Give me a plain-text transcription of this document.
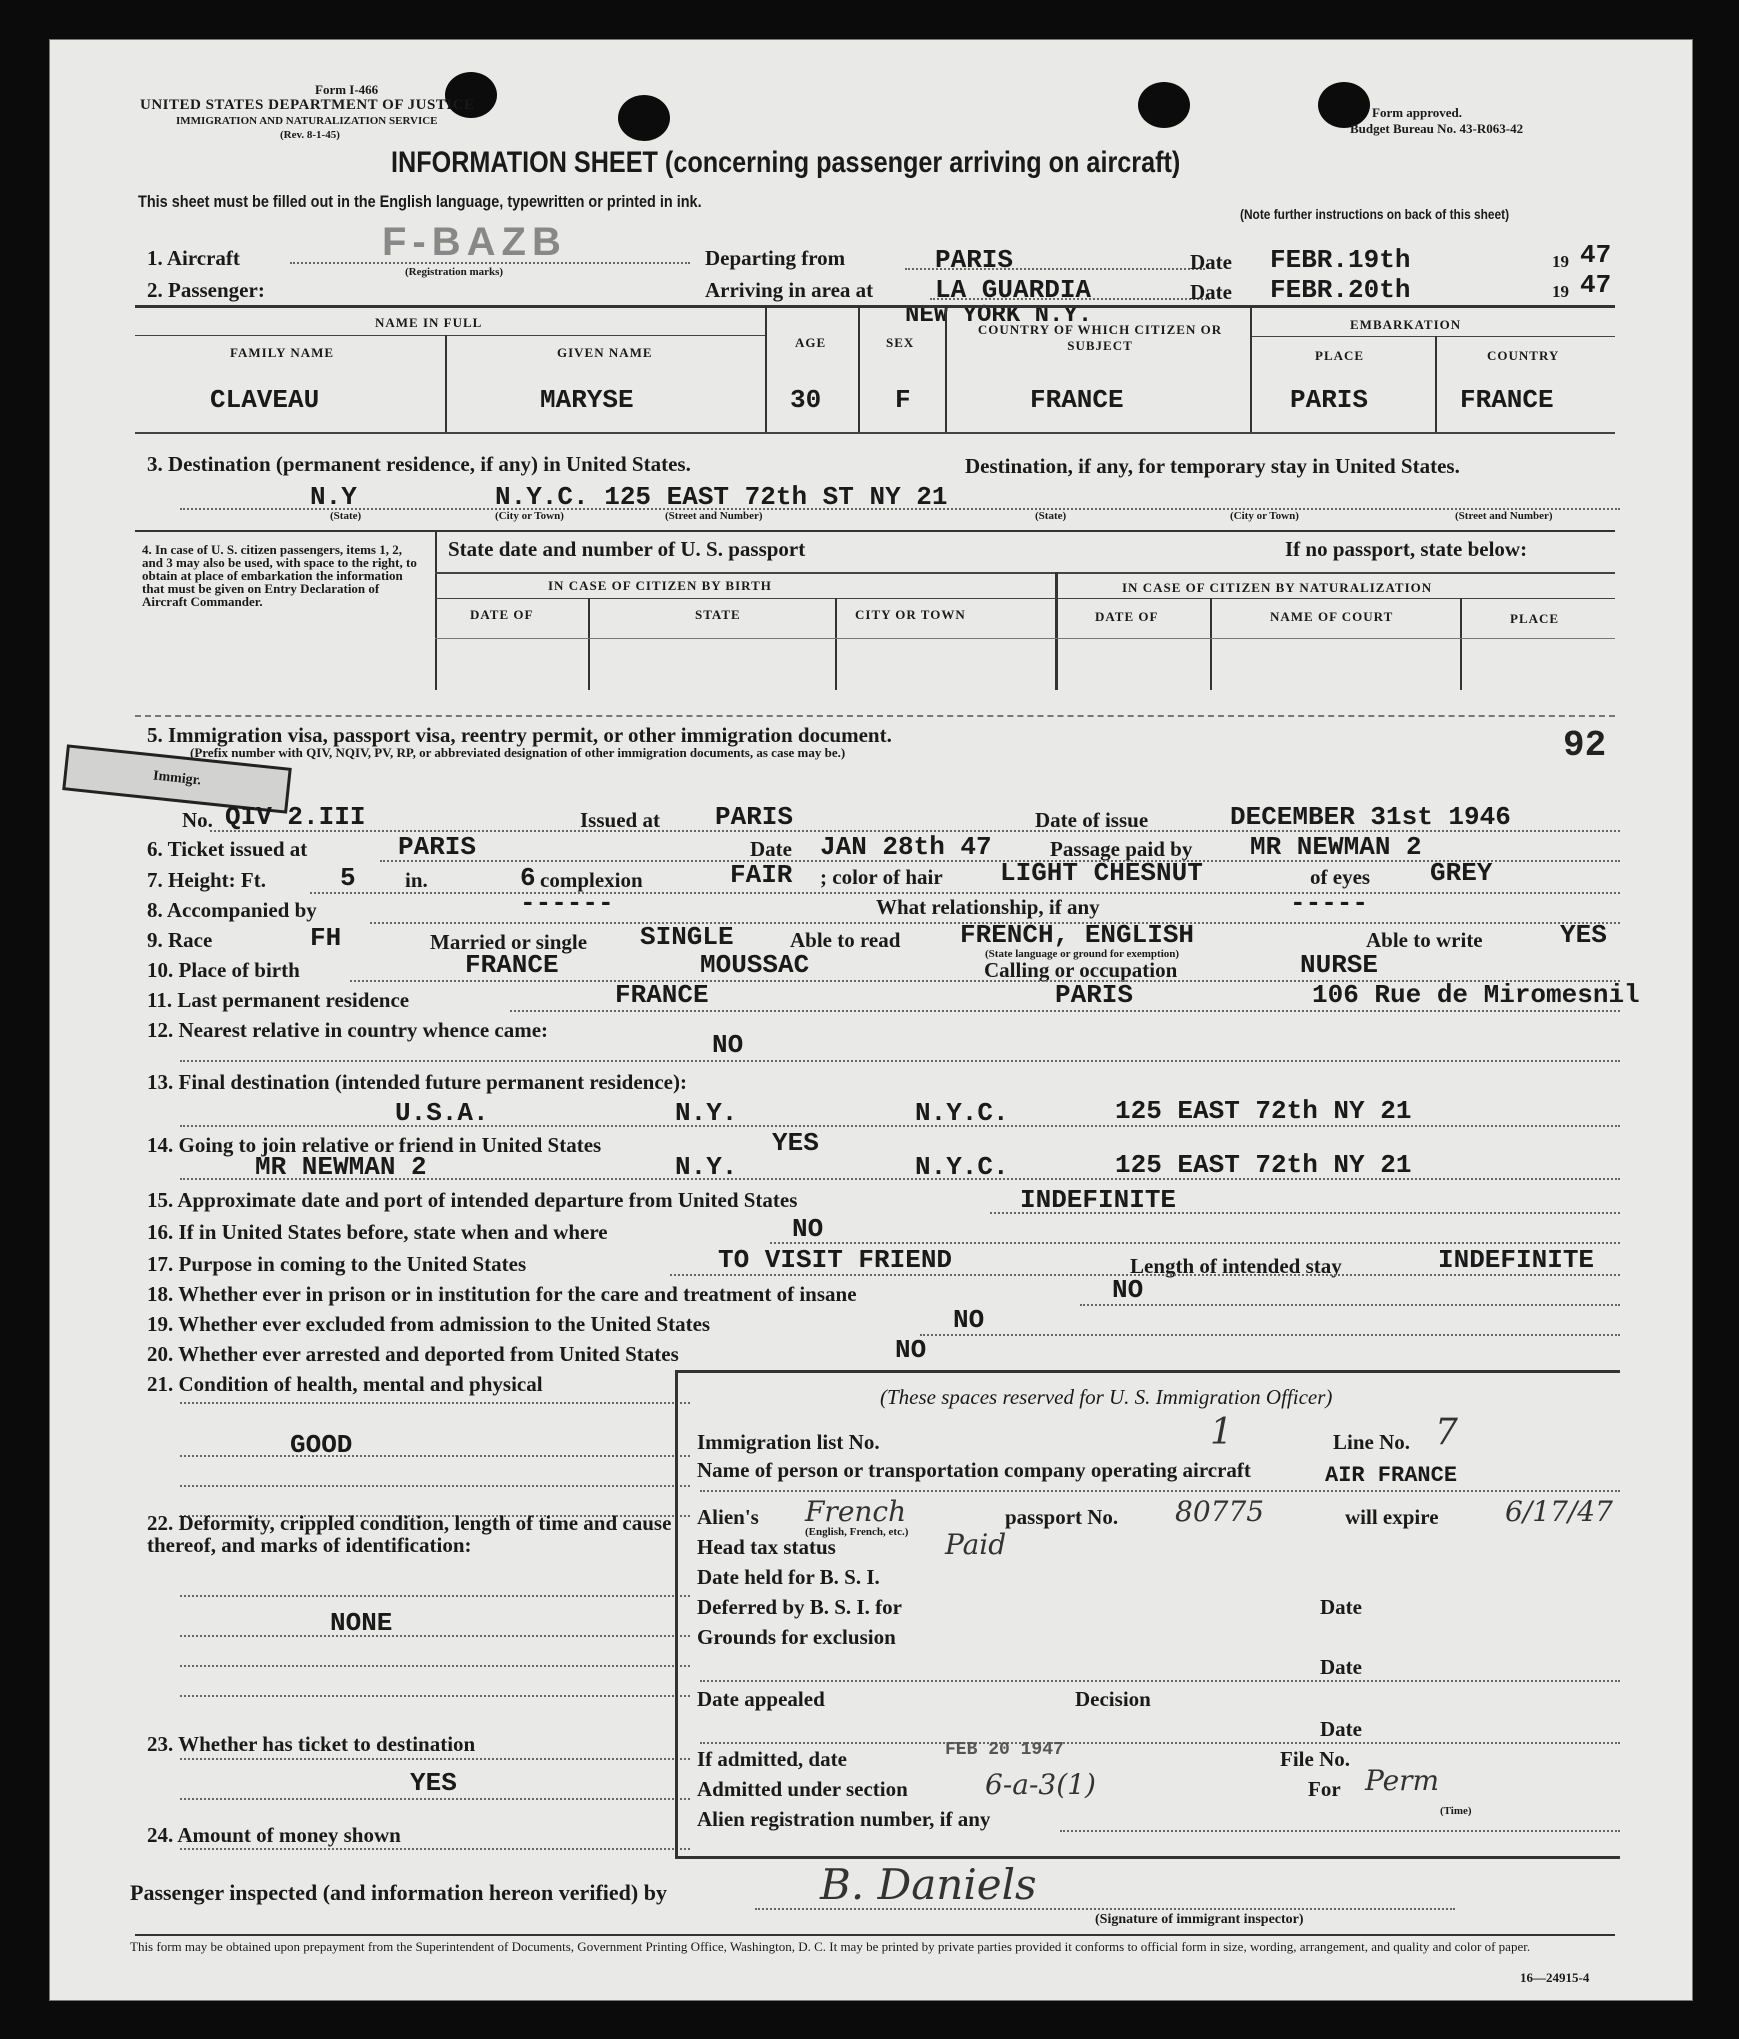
Form I-466
UNITED STATES DEPARTMENT OF JUSTICE
IMMIGRATION AND NATURALIZATION SERVICE
(Rev. 8-1-45)
Form approved.
Budget Bureau No. 43-R063-42
INFORMATION SHEET (concerning passenger arriving on aircraft)
This sheet must be filled out in the English language, typewritten or printed in ink.
(Note further instructions on back of this sheet)
1. Aircraft	F-BAZB
(Registration marks)
2. Passenger:
Departing from	PARIS
Arriving in area at LA GUARDIA
NEW YORK N.Y.
Date FEBR.19th	19 47
Date FEBR.20th	19 47
NAME IN FULL	EMBARKATION
FAMILY NAME	GIVEN NAME
AGE	SEX
COUNTRY OF WHICH CITIZEN OR SUBJECT
PLACE	COUNTRY
CLAVEAU	MARYSE	30	F	FRANCE	PARIS	FRANCE
3. Destination (permanent residence, if any) in United States.	Destination, if any, for temporary stay in United States.
N.Y	N.Y.C. 125 EAST 72th ST NY 21
(State)	(City or Town)	(Street and Number)	(State)	(City or Town)	(Street and Number)
4. In case of U. S. citizen passengers, items 1, 2, and 3 may also be used, with space to the right, to obtain at place of embarkation the information that must be given on Entry Declaration of Aircraft Commander.
State date and number of U. S. passport	If no passport, state below:
IN CASE OF CITIZEN BY BIRTH	IN CASE OF CITIZEN BY NATURALIZATION
DATE OF	STATE	CITY OR TOWN	DATE OF	NAME OF COURT	PLACE
5. Immigration visa, passport visa, reentry permit, or other immigration document.
(Prefix number with QIV, NQIV, PV, RP, or abbreviated designation of other immigration documents, as case may be.)	92
Immigr.
No. QIV 2.III	Issued at PARIS	Date of issue	DECEMBER 31st 1946
6. Ticket issued at	PARIS	Date JAN 28th 47	Passage paid by MR NEWMAN 2
7. Height: Ft.	5 in.	6 complexion	FAIR ; color of hair LIGHT CHESNUT	of eyes GREY
8. Accompanied by	------	What relationship, if any	-----
9. Race	FH	Married or single SINGLE	Able to read FRENCH, ENGLISH
(State language or ground for exemption)
Able to write	YES
10. Place of birth	FRANCE	MOUSSAC	Calling or occupation	NURSE
11. Last permanent residence	FRANCE	PARIS	106 Rue de Miromesnil
12. Nearest relative in country whence came:	NO
13. Final destination (intended future permanent residence):
U.S.A.	N.Y.	N.Y.C.	125 EAST 72th NY 21
14. Going to join relative or friend in United States	YES
MR NEWMAN 2	N.Y.	N.Y.C.	125 EAST 72th NY 21
15. Approximate date and port of intended departure from United States	INDEFINITE
16. If in United States before, state when and where	NO
17. Purpose in coming to the United States	TO VISIT FRIEND	Length of intended stay	INDEFINITE
18. Whether ever in prison or in institution for the care and treatment of insane	NO
19. Whether ever excluded from admission to the United States	NO
20. Whether ever arrested and deported from United States	NO
21. Condition of health, mental and physical
GOOD
22. Deformity, crippled condition, length of time and cause thereof, and marks of identification:
NONE
23. Whether has ticket to destination
YES
24. Amount of money shown
(These spaces reserved for U. S. Immigration Officer)
Immigration list No.	1	Line No. 7
Name of person or transportation company operating aircraft	AIR FRANCE
Alien's French
(English, French, etc.)
passport No. 80775	will expire 6/17/47
Head tax status	Paid
Date held for B. S. I.
Deferred by B. S. I. for	Date
Grounds for exclusion
Date
Date appealed	Decision
Date
FEB 20 1947
If admitted, date	File No.
Admitted under section	6-a-3(1)	For Perm
(Time)
Alien registration number, if any
Passenger inspected (and information hereon verified) by	B. Daniels
(Signature of immigrant inspector)
This form may be obtained upon prepayment from the Superintendent of Documents, Government Printing Office, Washington, D. C. It may be printed by private parties provided it conforms to official form in size, wording, arrangement, and quality and color of paper.
16—24915-4
